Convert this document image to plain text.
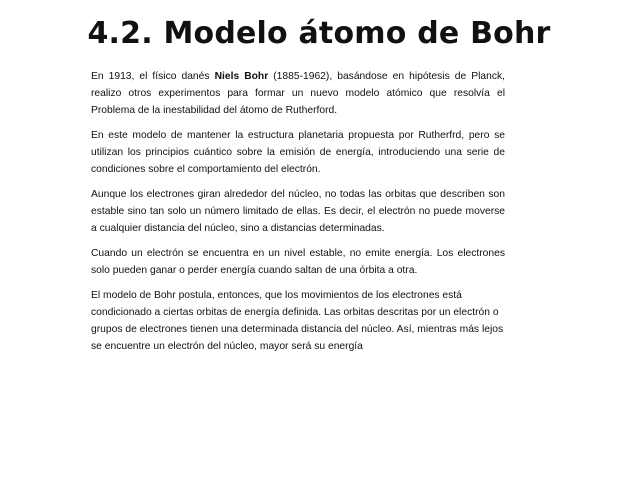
4.2. Modelo átomo de Bohr

En 1913, el físico danés Niels Bohr (1885-1962), basándose en hipótesis de Planck, realizo otros experimentos para formar un nuevo modelo atómico que resolvía el Problema de la inestabilidad del átomo de Rutherford.

En este modelo de mantener la estructura planetaria propuesta por Rutherfrd, pero se utilizan los principios cuántico sobre la emisión de energía, introduciendo una serie de condiciones sobre el comportamiento del electrón.

Aunque los electrones giran alrededor del núcleo, no todas las orbitas que describen son estable sino tan solo un número limitado de ellas. Es decir, el electrón no puede moverse a cualquier distancia del núcleo, sino a distancias determinadas.

Cuando un electrón se encuentra en un nivel estable, no emite energía. Los electrones solo pueden ganar o perder energía cuando saltan de una órbita a otra.

El modelo de Bohr postula, entonces, que los movimientos de los electrones está condicionado a ciertas orbitas de energía definida. Las orbitas descritas por un electrón o grupos de electrones tienen una determinada distancia del núcleo. Así, mientras más lejos se encuentre un electrón del núcleo, mayor será su energía
